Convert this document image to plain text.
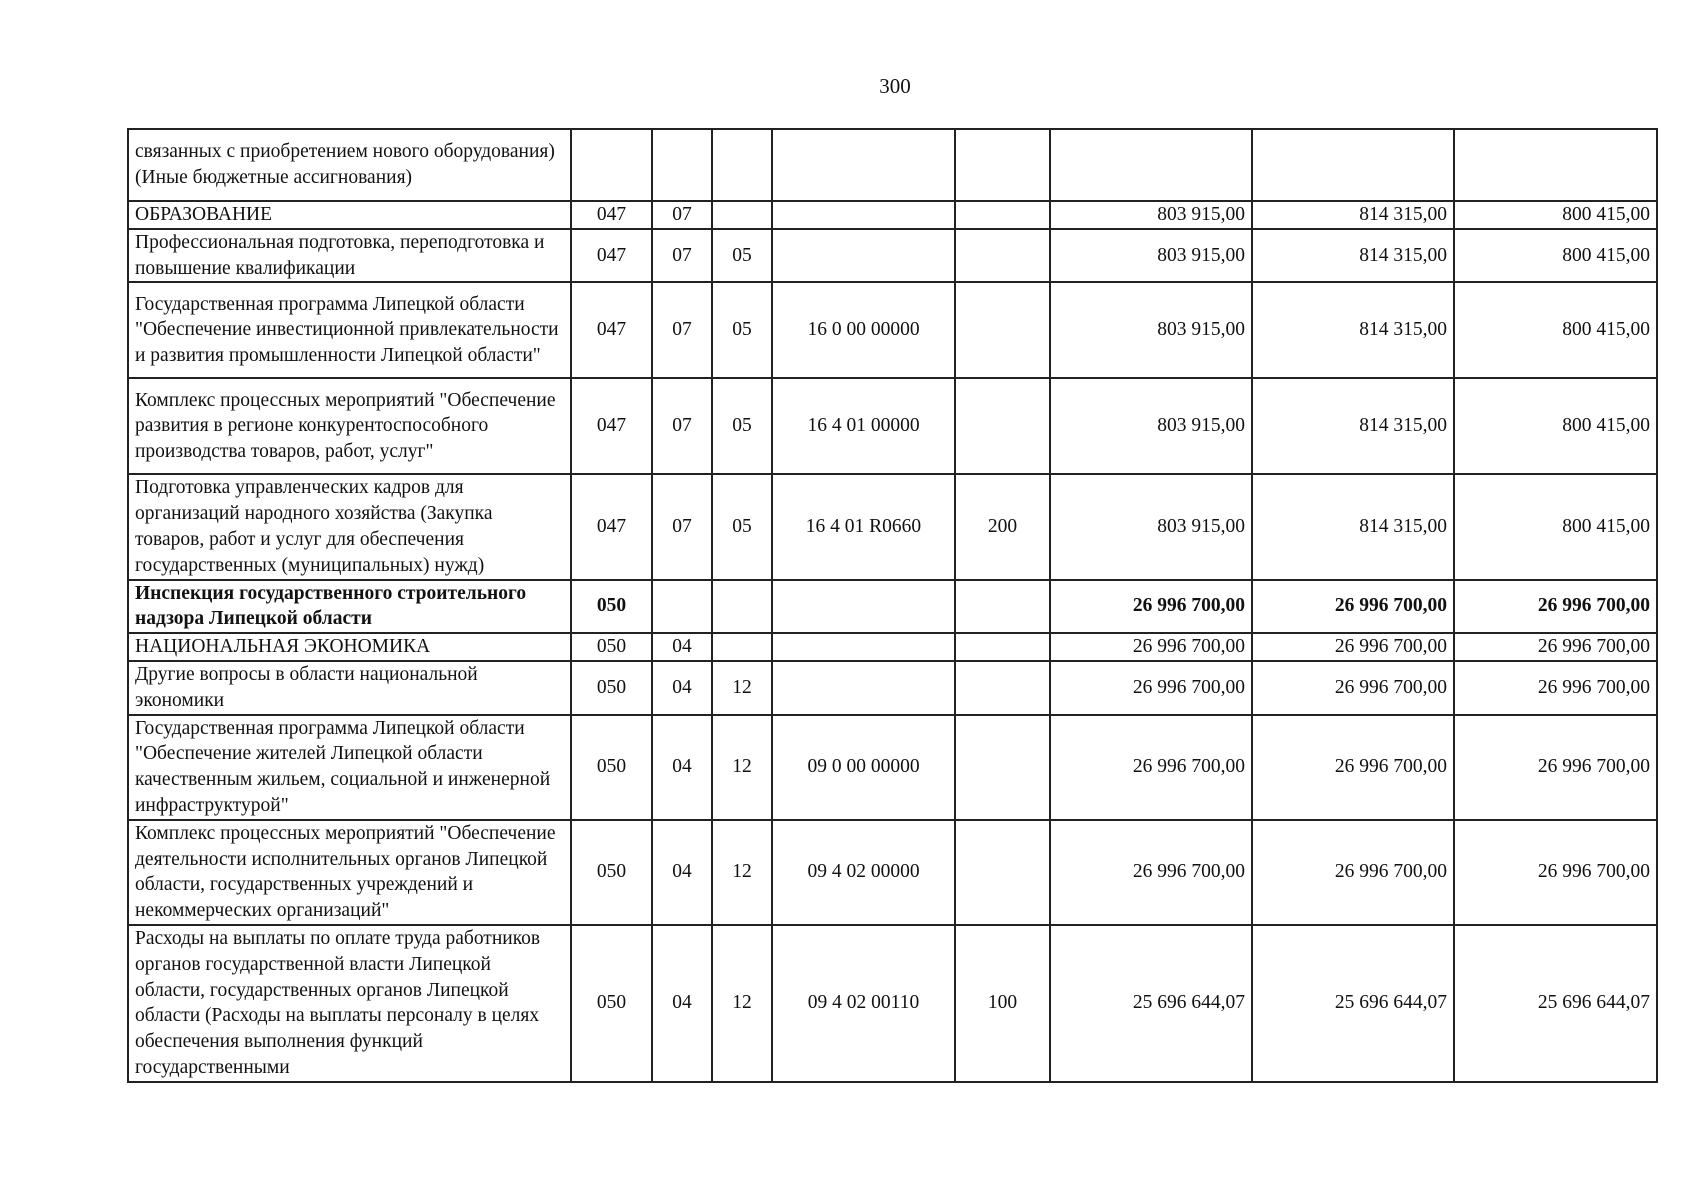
300
связанных с приобретением нового оборудования) (Иные бюджетные ассигнования)								
ОБРАЗОВАНИЕ	047	07				803 915,00	814 315,00	800 415,00
Профессиональная подготовка, переподготовка и повышение квалификации	047	07	05			803 915,00	814 315,00	800 415,00
Государственная программа Липецкой области "Обеспечение инвестиционной привлекательности и развития промышленности Липецкой области"	047	07	05	16 0 00 00000		803 915,00	814 315,00	800 415,00
Комплекс процессных мероприятий "Обеспечение развития в регионе конкурентоспособного производства товаров, работ, услуг"	047	07	05	16 4 01 00000		803 915,00	814 315,00	800 415,00
Подготовка управленческих кадров для организаций народного хозяйства (Закупка товаров, работ и услуг для обеспечения государственных (муниципальных) нужд)	047	07	05	16 4 01 R0660	200	803 915,00	814 315,00	800 415,00
Инспекция государственного строительного надзора Липецкой области	050					26 996 700,00	26 996 700,00	26 996 700,00
НАЦИОНАЛЬНАЯ ЭКОНОМИКА	050	04				26 996 700,00	26 996 700,00	26 996 700,00
Другие вопросы в области национальной экономики	050	04	12			26 996 700,00	26 996 700,00	26 996 700,00
Государственная программа Липецкой области "Обеспечение жителей Липецкой области качественным жильем, социальной и инженерной инфраструктурой"	050	04	12	09 0 00 00000		26 996 700,00	26 996 700,00	26 996 700,00
Комплекс процессных мероприятий "Обеспечение деятельности исполнительных органов Липецкой области, государственных учреждений и некоммерческих организаций"	050	04	12	09 4 02 00000		26 996 700,00	26 996 700,00	26 996 700,00
Расходы на выплаты по оплате труда работников органов государственной власти Липецкой области, государственных органов Липецкой области (Расходы на выплаты персоналу в целях обеспечения выполнения функций государственными	050	04	12	09 4 02 00110	100	25 696 644,07	25 696 644,07	25 696 644,07
